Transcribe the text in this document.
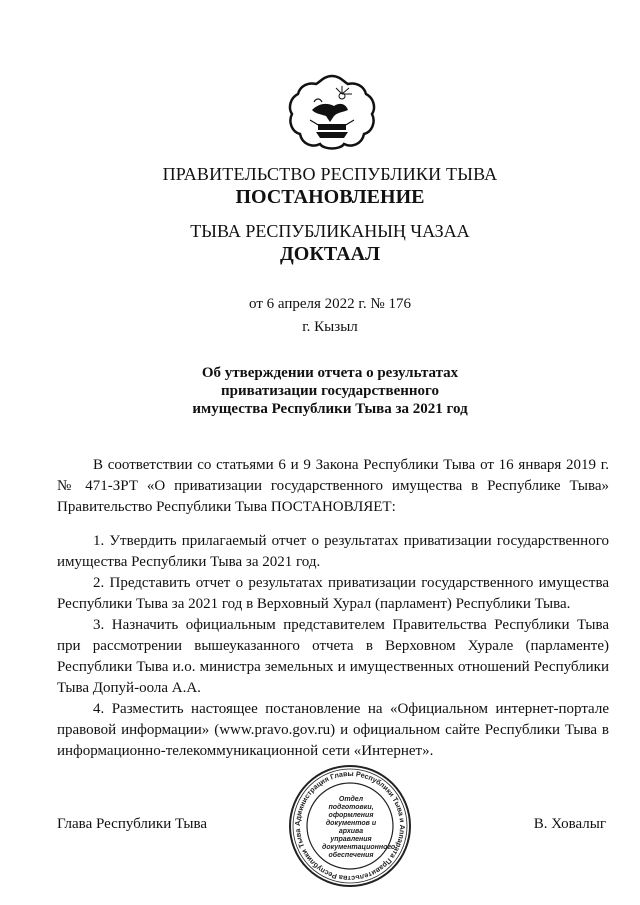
ПРАВИТЕЛЬСТВО РЕСПУБЛИКИ ТЫВА
ПОСТАНОВЛЕНИЕ
ТЫВА РЕСПУБЛИКАНЫҢ ЧАЗАА
ДОКТААЛ
от 6 апреля 2022 г. № 176
г. Кызыл
Об утверждении отчета о результатах
приватизации государственного
имущества Республики Тыва за 2021 год

В соответствии со статьями 6 и 9 Закона Республики Тыва от 16 января 2019 г. № 471-ЗРТ «О приватизации государственного имущества в Республике Тыва» Правительство Республики Тыва ПОСТАНОВЛЯЕТ:

1. Утвердить прилагаемый отчет о результатах приватизации государственного имущества Республики Тыва за 2021 год.

2. Представить отчет о результатах приватизации государственного имущества Республики Тыва за 2021 год в Верховный Хурал (парламент) Республики Тыва.

3. Назначить официальным представителем Правительства Республики Тыва при рассмотрении вышеуказанного отчета в Верховном Хурале (парламенте) Республики Тыва и.о. министра земельных и имущественных отношений Республики Тыва Допуй-оола А.А.

4. Разместить настоящее постановление на «Официальном интернет-портале правовой информации» (www.pravo.gov.ru) и официальном сайте Республики Тыва в информационно-телекоммуникационной сети «Интернет».

Глава Республики Тыва	В. Ховалыг
Администрация Главы Республики Тыва и Аппарата Правительства Республики Тыва
Отдел
подготовки,
оформления
документов и архива
управления
документационного
обеспечения
